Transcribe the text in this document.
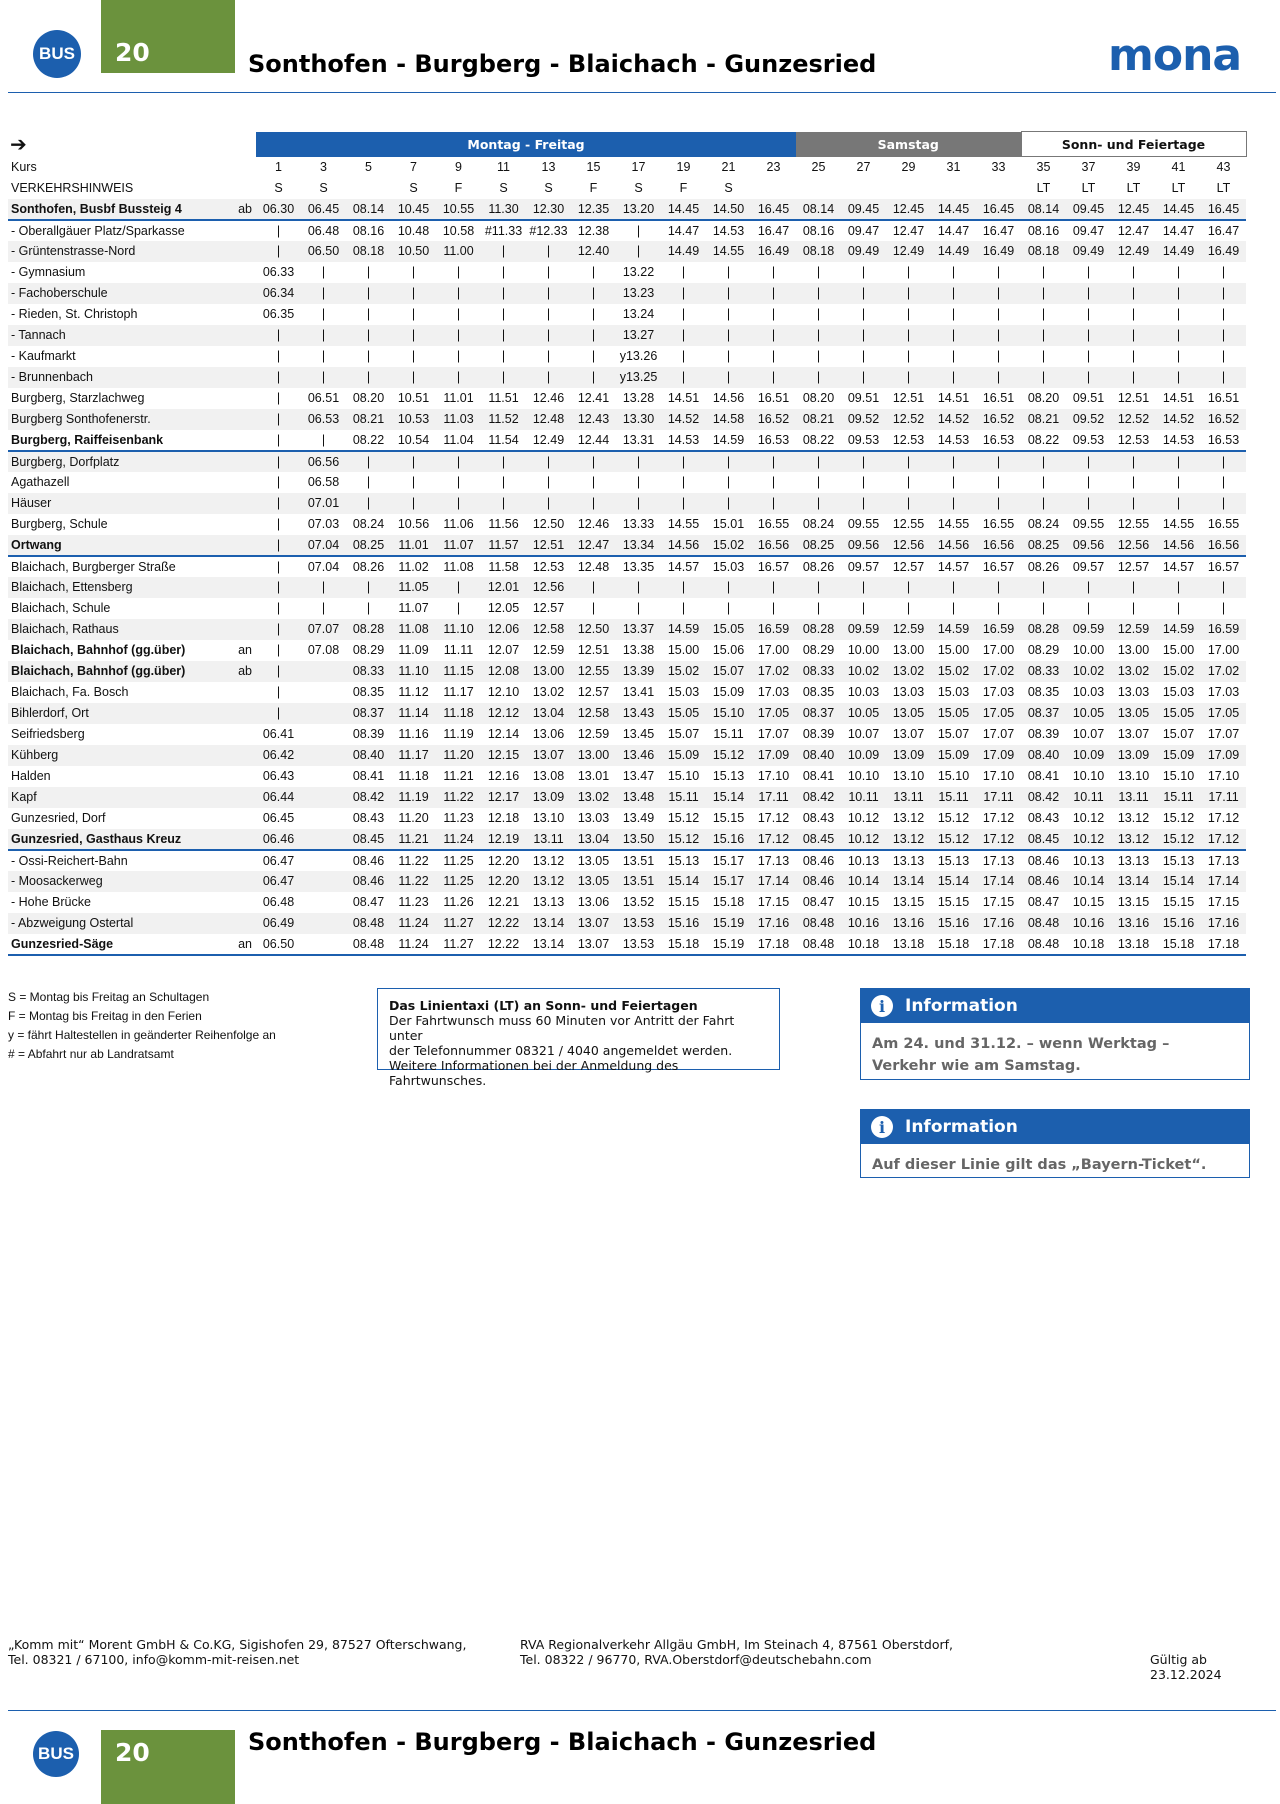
BUS	20	Sonthofen - Burgberg - Blaichach - Gunzesried	mona
➔		Montag - Freitag												Samstag					Sonn- und Feiertage				
Kurs		1	3	5	7	9	11	13	15	17	19	21	23	25	27	29	31	33	35	37	39	41	43
VERKEHRSHINWEIS		S	S		S	F	S	S	F	S	F	S							LT	LT	LT	LT	LT
Sonthofen, Busbf Bussteig 4	ab	06.30	06.45	08.14	10.45	10.55	11.30	12.30	12.35	13.20	14.45	14.50	16.45	08.14	09.45	12.45	14.45	16.45	08.14	09.45	12.45	14.45	16.45
- Oberallgäuer Platz/Sparkasse		|	06.48	08.16	10.48	10.58	#11.33	#12.33	12.38	|	14.47	14.53	16.47	08.16	09.47	12.47	14.47	16.47	08.16	09.47	12.47	14.47	16.47
- Grüntenstrasse-Nord		|	06.50	08.18	10.50	11.00	|	|	12.40	|	14.49	14.55	16.49	08.18	09.49	12.49	14.49	16.49	08.18	09.49	12.49	14.49	16.49
- Gymnasium		06.33	|	|	|	|	|	|	|	13.22	|	|	|	|	|	|	|	|	|	|	|	|	|
- Fachoberschule		06.34	|	|	|	|	|	|	|	13.23	|	|	|	|	|	|	|	|	|	|	|	|	|
- Rieden, St. Christoph		06.35	|	|	|	|	|	|	|	13.24	|	|	|	|	|	|	|	|	|	|	|	|	|
- Tannach		|	|	|	|	|	|	|	|	13.27	|	|	|	|	|	|	|	|	|	|	|	|	|
- Kaufmarkt		|	|	|	|	|	|	|	|	y13.26	|	|	|	|	|	|	|	|	|	|	|	|	|
- Brunnenbach		|	|	|	|	|	|	|	|	y13.25	|	|	|	|	|	|	|	|	|	|	|	|	|
Burgberg, Starzlachweg		|	06.51	08.20	10.51	11.01	11.51	12.46	12.41	13.28	14.51	14.56	16.51	08.20	09.51	12.51	14.51	16.51	08.20	09.51	12.51	14.51	16.51
Burgberg Sonthofenerstr.		|	06.53	08.21	10.53	11.03	11.52	12.48	12.43	13.30	14.52	14.58	16.52	08.21	09.52	12.52	14.52	16.52	08.21	09.52	12.52	14.52	16.52
Burgberg, Raiffeisenbank		|	|	08.22	10.54	11.04	11.54	12.49	12.44	13.31	14.53	14.59	16.53	08.22	09.53	12.53	14.53	16.53	08.22	09.53	12.53	14.53	16.53
Burgberg, Dorfplatz		|	06.56	|	|	|	|	|	|	|	|	|	|	|	|	|	|	|	|	|	|	|	|
Agathazell		|	06.58	|	|	|	|	|	|	|	|	|	|	|	|	|	|	|	|	|	|	|	|
Häuser		|	07.01	|	|	|	|	|	|	|	|	|	|	|	|	|	|	|	|	|	|	|	|
Burgberg, Schule		|	07.03	08.24	10.56	11.06	11.56	12.50	12.46	13.33	14.55	15.01	16.55	08.24	09.55	12.55	14.55	16.55	08.24	09.55	12.55	14.55	16.55
Ortwang		|	07.04	08.25	11.01	11.07	11.57	12.51	12.47	13.34	14.56	15.02	16.56	08.25	09.56	12.56	14.56	16.56	08.25	09.56	12.56	14.56	16.56
Blaichach, Burgberger Straße		|	07.04	08.26	11.02	11.08	11.58	12.53	12.48	13.35	14.57	15.03	16.57	08.26	09.57	12.57	14.57	16.57	08.26	09.57	12.57	14.57	16.57
Blaichach, Ettensberg		|	|	|	11.05	|	12.01	12.56	|	|	|	|	|	|	|	|	|	|	|	|	|	|	|
Blaichach, Schule		|	|	|	11.07	|	12.05	12.57	|	|	|	|	|	|	|	|	|	|	|	|	|	|	|
Blaichach, Rathaus		|	07.07	08.28	11.08	11.10	12.06	12.58	12.50	13.37	14.59	15.05	16.59	08.28	09.59	12.59	14.59	16.59	08.28	09.59	12.59	14.59	16.59
Blaichach, Bahnhof (gg.über)	an	|	07.08	08.29	11.09	11.11	12.07	12.59	12.51	13.38	15.00	15.06	17.00	08.29	10.00	13.00	15.00	17.00	08.29	10.00	13.00	15.00	17.00
Blaichach, Bahnhof (gg.über)	ab	|		08.33	11.10	11.15	12.08	13.00	12.55	13.39	15.02	15.07	17.02	08.33	10.02	13.02	15.02	17.02	08.33	10.02	13.02	15.02	17.02
Blaichach, Fa. Bosch		|		08.35	11.12	11.17	12.10	13.02	12.57	13.41	15.03	15.09	17.03	08.35	10.03	13.03	15.03	17.03	08.35	10.03	13.03	15.03	17.03
Bihlerdorf, Ort		|		08.37	11.14	11.18	12.12	13.04	12.58	13.43	15.05	15.10	17.05	08.37	10.05	13.05	15.05	17.05	08.37	10.05	13.05	15.05	17.05
Seifriedsberg		06.41		08.39	11.16	11.19	12.14	13.06	12.59	13.45	15.07	15.11	17.07	08.39	10.07	13.07	15.07	17.07	08.39	10.07	13.07	15.07	17.07
Kühberg		06.42		08.40	11.17	11.20	12.15	13.07	13.00	13.46	15.09	15.12	17.09	08.40	10.09	13.09	15.09	17.09	08.40	10.09	13.09	15.09	17.09
Halden		06.43		08.41	11.18	11.21	12.16	13.08	13.01	13.47	15.10	15.13	17.10	08.41	10.10	13.10	15.10	17.10	08.41	10.10	13.10	15.10	17.10
Kapf		06.44		08.42	11.19	11.22	12.17	13.09	13.02	13.48	15.11	15.14	17.11	08.42	10.11	13.11	15.11	17.11	08.42	10.11	13.11	15.11	17.11
Gunzesried, Dorf		06.45		08.43	11.20	11.23	12.18	13.10	13.03	13.49	15.12	15.15	17.12	08.43	10.12	13.12	15.12	17.12	08.43	10.12	13.12	15.12	17.12
Gunzesried, Gasthaus Kreuz		06.46		08.45	11.21	11.24	12.19	13.11	13.04	13.50	15.12	15.16	17.12	08.45	10.12	13.12	15.12	17.12	08.45	10.12	13.12	15.12	17.12
- Ossi-Reichert-Bahn		06.47		08.46	11.22	11.25	12.20	13.12	13.05	13.51	15.13	15.17	17.13	08.46	10.13	13.13	15.13	17.13	08.46	10.13	13.13	15.13	17.13
- Moosackerweg		06.47		08.46	11.22	11.25	12.20	13.12	13.05	13.51	15.14	15.17	17.14	08.46	10.14	13.14	15.14	17.14	08.46	10.14	13.14	15.14	17.14
- Hohe Brücke		06.48		08.47	11.23	11.26	12.21	13.13	13.06	13.52	15.15	15.18	17.15	08.47	10.15	13.15	15.15	17.15	08.47	10.15	13.15	15.15	17.15
- Abzweigung Ostertal		06.49		08.48	11.24	11.27	12.22	13.14	13.07	13.53	15.16	15.19	17.16	08.48	10.16	13.16	15.16	17.16	08.48	10.16	13.16	15.16	17.16
Gunzesried-Säge	an	06.50		08.48	11.24	11.27	12.22	13.14	13.07	13.53	15.18	15.19	17.18	08.48	10.18	13.18	15.18	17.18	08.48	10.18	13.18	15.18	17.18
S = Montag bis Freitag an Schultagen
F = Montag bis Freitag in den Ferien
y = fährt Haltestellen in geänderter Reihenfolge an
# = Abfahrt nur ab Landratsamt
Das Linientaxi (LT) an Sonn- und Feiertagen
Der Fahrtwunsch muss 60 Minuten vor Antritt der Fahrt unter
der Telefonnummer 08321 / 4040 angemeldet werden.
Weitere Informationen bei der Anmeldung des Fahrtwunsches.
i	Information
Am 24. und 31.12. – wenn Werktag – Verkehr wie am Samstag.
i	Information
Auf dieser Linie gilt das „Bayern-Ticket“.
„Komm mit“ Morent GmbH & Co.KG, Sigishofen 29, 87527 Ofterschwang,
Tel. 08321 / 67100, info@komm-mit-reisen.net
RVA Regionalverkehr Allgäu GmbH, Im Steinach 4, 87561 Oberstdorf,
Tel. 08322 / 96770, RVA.Oberstdorf@deutschebahn.com	Gültig ab 23.12.2024
BUS	20	Sonthofen - Burgberg - Blaichach - Gunzesried
